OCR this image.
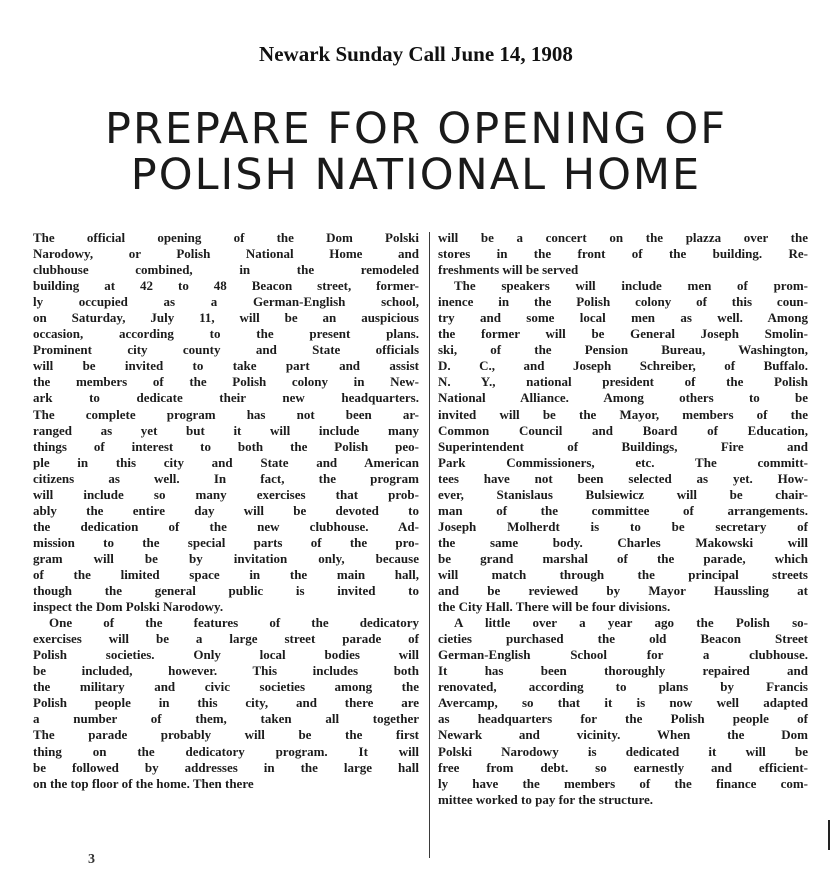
Newark Sunday Call June 14, 1908
PREPARE FOR OPENING OF
POLISH NATIONAL HOME
The official opening of the Dom Polski
Narodowy, or Polish National Home and
clubhouse combined, in the remodeled
building at 42 to 48 Beacon street, former-
ly occupied as a German-English school,
on Saturday, July 11, will be an auspicious
occasion, according to the present plans.
Prominent city county and State officials
will be invited to take part and assist
the members of the Polish colony in New-
ark to dedicate their new headquarters.
The complete program has not been ar-
ranged as yet but it will include many
things of interest to both the Polish peo-
ple in this city and State and American
citizens as well. In fact, the program
will include so many exercises that prob-
ably the entire day will be devoted to
the dedication of the new clubhouse. Ad-
mission to the special parts of the pro-
gram will be by invitation only, because
of the limited space in the main hall,
though the general public is invited to
inspect the Dom Polski Narodowy.
One of the features of the dedicatory
exercises will be a large street parade of
Polish societies. Only local bodies will
be included, however. This includes both
the military and civic societies among the
Polish people in this city, and there are
a number of them, taken all together
The parade probably will be the first
thing on the dedicatory program. It will
be followed by addresses in the large hall
on the top floor of the home. Then there
will be a concert on the plazza over the
stores in the front of the building. Re-
freshments will be served
The speakers will include men of prom-
inence in the Polish colony of this coun-
try and some local men as well. Among
the former will be General Joseph Smolin-
ski, of the Pension Bureau, Washington,
D. C., and Joseph Schreiber, of Buffalo.
N. Y., national president of the Polish
National Alliance. Among others to be
invited will be the Mayor, members of the
Common Council and Board of Education,
Superintendent of Buildings, Fire and
Park Commissioners, etc. The committ-
tees have not been selected as yet. How-
ever, Stanislaus Bulsiewicz will be chair-
man of the committee of arrangements.
Joseph Molherdt is to be secretary of
the same body. Charles Makowski will
be grand marshal of the parade, which
will match through the principal streets
and be reviewed by Mayor Haussling at
the City Hall. There will be four divisions.
A little over a year ago the Polish so-
cieties purchased the old Beacon Street
German-English School for a clubhouse.
It has been thoroughly repaired and
renovated, according to plans by Francis
Avercamp, so that it is now well adapted
as headquarters for the Polish people of
Newark and vicinity. When the Dom
Polski Narodowy is dedicated it will be
free from debt. so earnestly and efficient-
ly have the members of the finance com-
mittee worked to pay for the structure.
3
